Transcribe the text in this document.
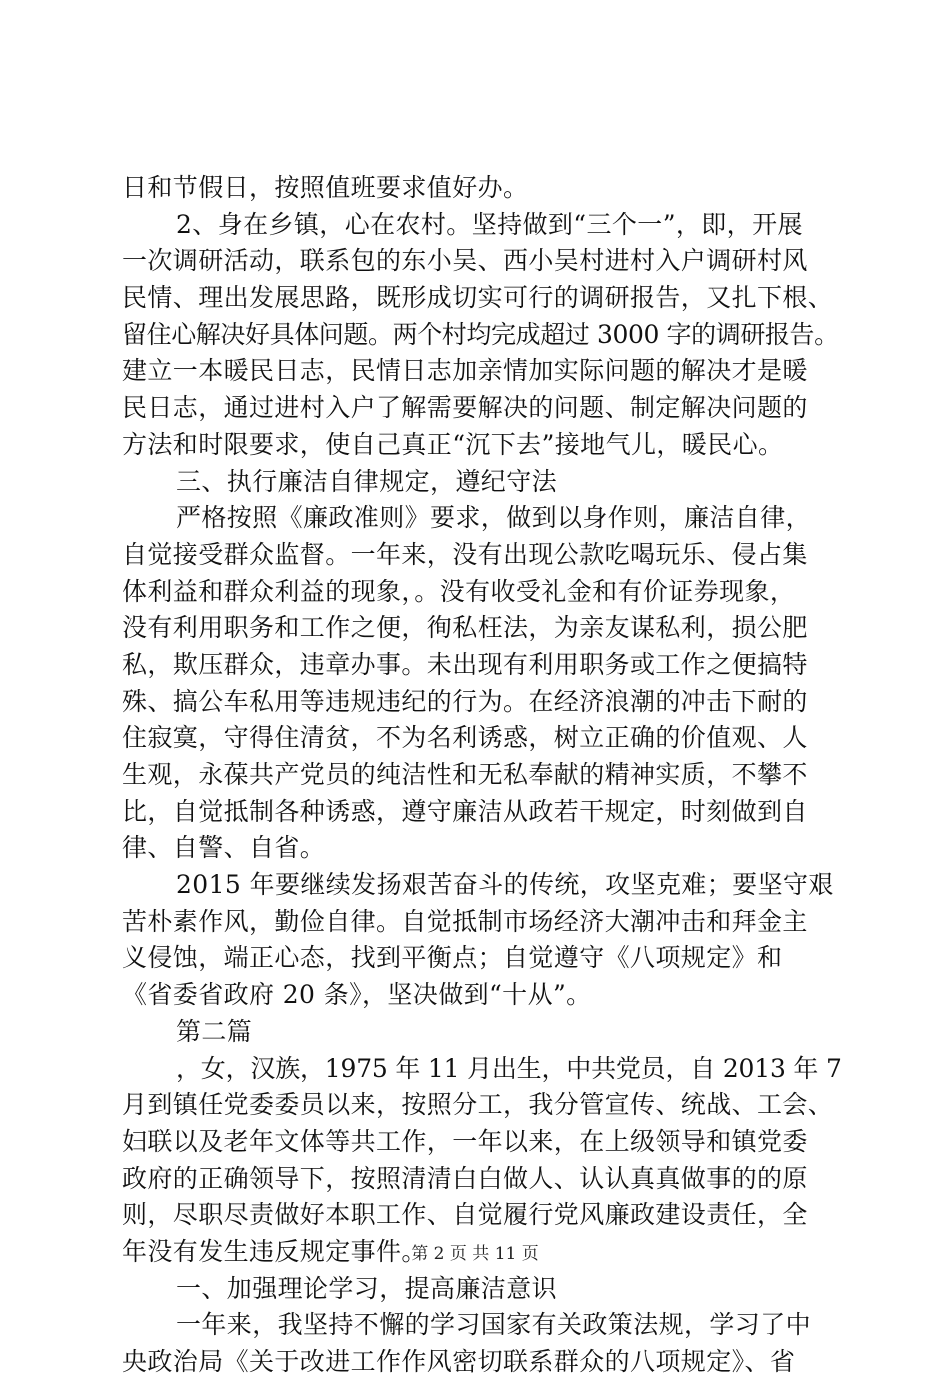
日和节假日，按照值班要求值好办。
2、身在乡镇，心在农村。坚持做到“三个一”，即，开展
一次调研活动，联系包的东小吴、西小吴村进村入户调研村风
民情、理出发展思路，既形成切实可行的调研报告，又扎下根、
留住心解决好具体问题。两个村均完成超过 3000 字的调研报告。
建立一本暖民日志，民情日志加亲情加实际问题的解决才是暖
民日志，通过进村入户了解需要解决的问题、制定解决问题的
方法和时限要求，使自己真正“沉下去”接地气儿，暖民心。
三、执行廉洁自律规定，遵纪守法
严格按照《廉政准则》要求，做到以身作则，廉洁自律，
自觉接受群众监督。一年来，没有出现公款吃喝玩乐、侵占集
体利益和群众利益的现象，。没有收受礼金和有价证券现象，
没有利用职务和工作之便，徇私枉法，为亲友谋私利，损公肥
私，欺压群众，违章办事。未出现有利用职务或工作之便搞特
殊、搞公车私用等违规违纪的行为。在经济浪潮的冲击下耐的
住寂寞，守得住清贫，不为名利诱惑，树立正确的价值观、人
生观，永葆共产党员的纯洁性和无私奉献的精神实质，不攀不
比，自觉抵制各种诱惑，遵守廉洁从政若干规定，时刻做到自
律、自警、自省。
2015 年要继续发扬艰苦奋斗的传统，攻坚克难；要坚守艰
苦朴素作风，勤俭自律。自觉抵制市场经济大潮冲击和拜金主
义侵蚀，端正心态，找到平衡点；自觉遵守《八项规定》和
《省委省政府 20 条》，坚决做到“十从”。
第二篇
，女，汉族，1975 年 11 月出生，中共党员，自 2013 年 7
月到镇任党委委员以来，按照分工，我分管宣传、统战、工会、
妇联以及老年文体等共工作，一年以来，在上级领导和镇党委
政府的正确领导下，按照清清白白做人、认认真真做事的的原
则，尽职尽责做好本职工作、自觉履行党风廉政建设责任，全
年没有发生违反规定事件。
一、加强理论学习，提高廉洁意识
一年来，我坚持不懈的学习国家有关政策法规，学习了中
央政治局《关于改进工作作风密切联系群众的八项规定》、省
第 2 页 共 11 页
